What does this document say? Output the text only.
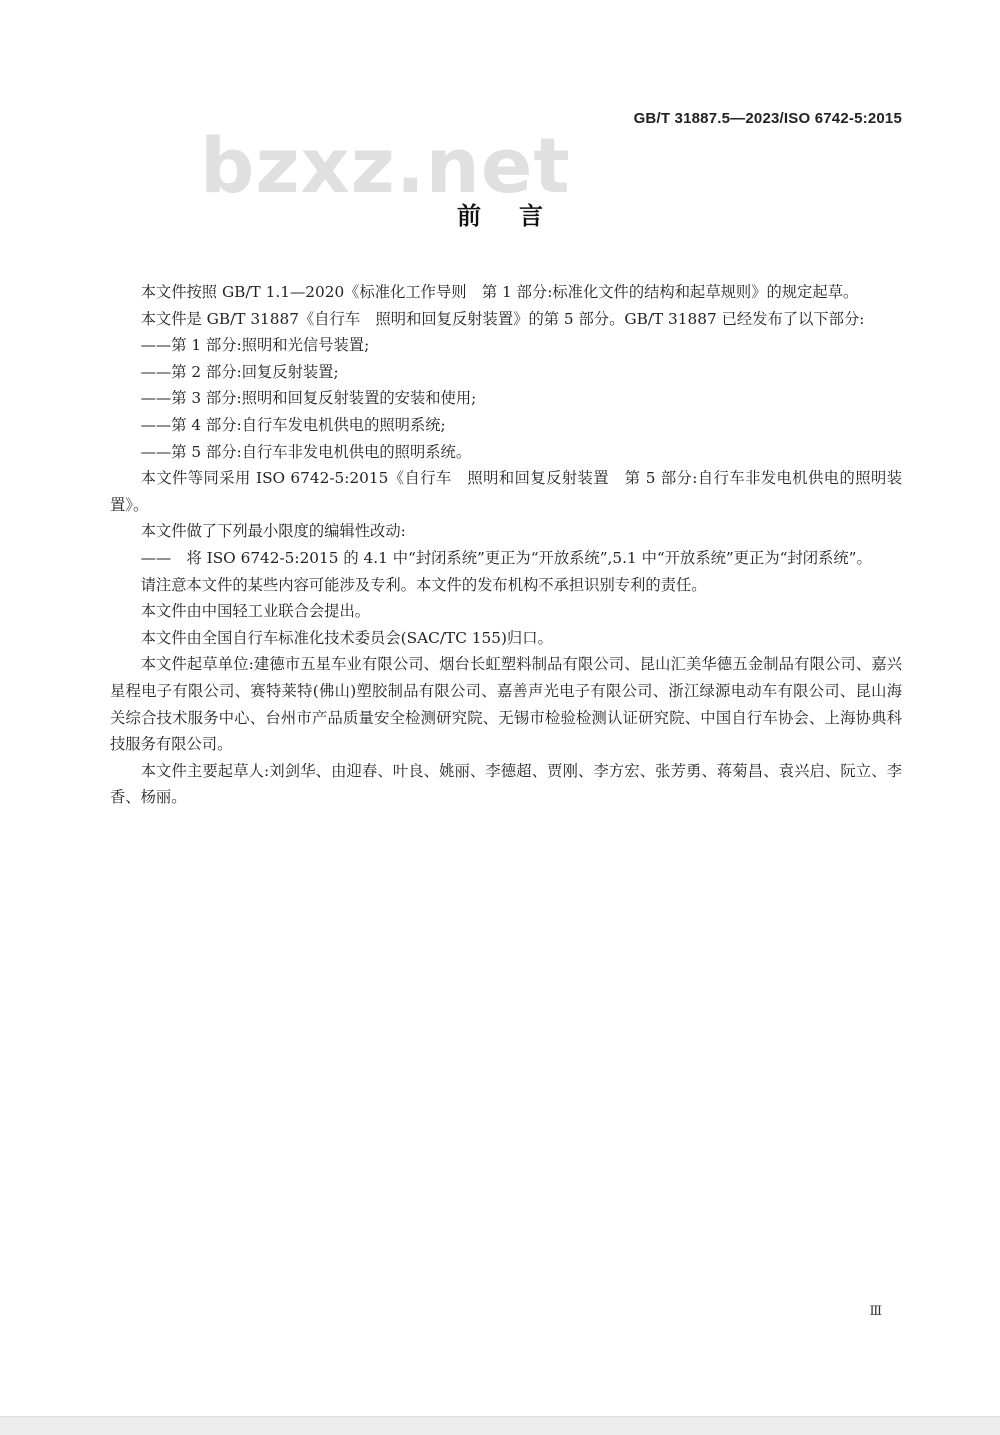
GB/T 31887.5—2023/ISO 6742-5:2015
bzxz.net
前言

本文件按照 GB/T 1.1—2020《标准化工作导则　第 1 部分:标准化文件的结构和起草规则》的规定起草。

本文件是 GB/T 31887《自行车　照明和回复反射装置》的第 5 部分。GB/T 31887 已经发布了以下部分:

——第 1 部分:照明和光信号装置;

——第 2 部分:回复反射装置;

——第 3 部分:照明和回复反射装置的安装和使用;

——第 4 部分:自行车发电机供电的照明系统;

——第 5 部分:自行车非发电机供电的照明系统。

本文件等同采用 ISO 6742-5:2015《自行车　照明和回复反射装置　第 5 部分:自行车非发电机供电的照明装置》。

本文件做了下列最小限度的编辑性改动:

—— 将 ISO 6742-5:2015 的 4.1 中“封闭系统”更正为“开放系统”,5.1 中“开放系统”更正为“封闭系统”。

请注意本文件的某些内容可能涉及专利。本文件的发布机构不承担识别专利的责任。

本文件由中国轻工业联合会提出。

本文件由全国自行车标准化技术委员会(SAC/TC 155)归口。

本文件起草单位:建德市五星车业有限公司、烟台长虹塑料制品有限公司、昆山汇美华德五金制品有限公司、嘉兴星程电子有限公司、赛特莱特(佛山)塑胶制品有限公司、嘉善声光电子有限公司、浙江绿源电动车有限公司、昆山海关综合技术服务中心、台州市产品质量安全检测研究院、无锡市检验检测认证研究院、中国自行车协会、上海协典科技服务有限公司。

本文件主要起草人:刘剑华、由迎春、叶良、姚丽、李德超、贾刚、李方宏、张芳勇、蒋菊昌、袁兴启、阮立、李香、杨丽。

Ⅲ
